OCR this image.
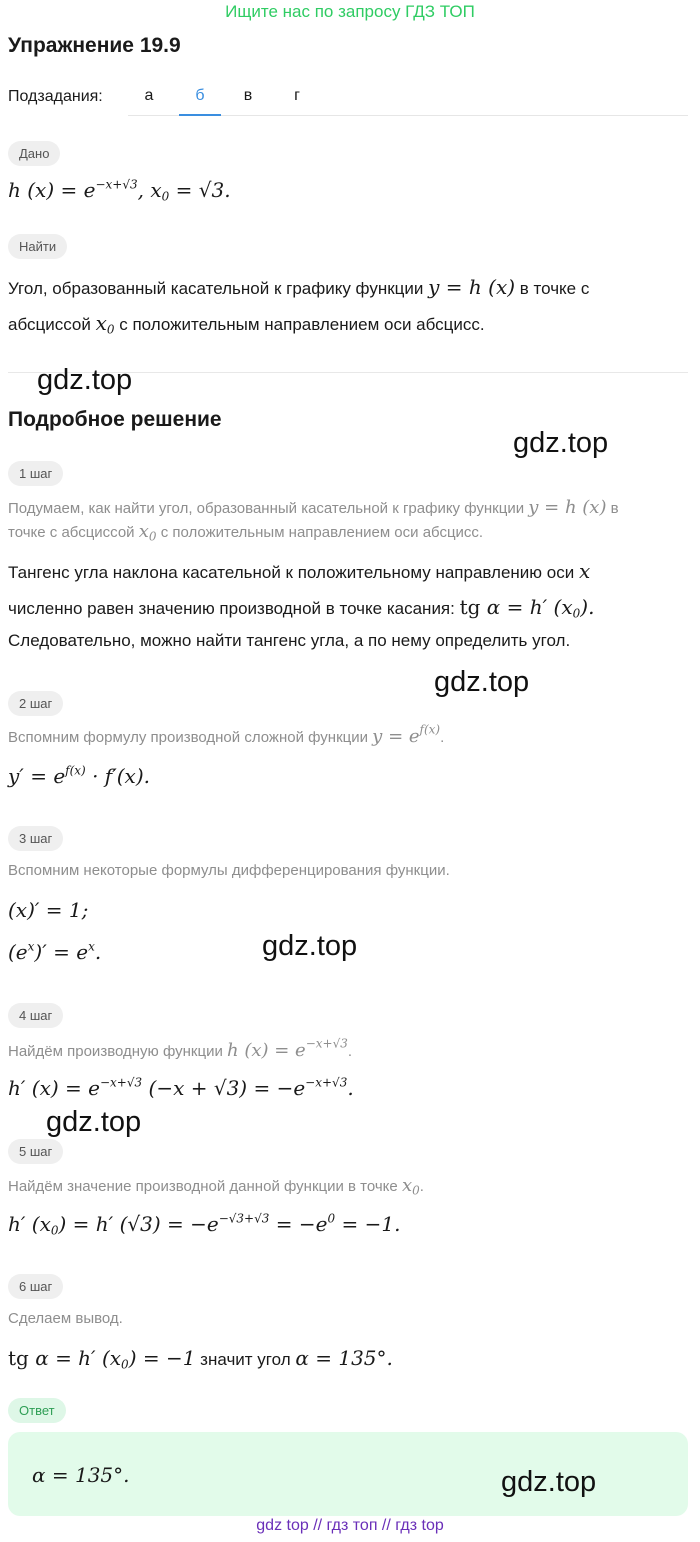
Ищите нас по запросу ГДЗ ТОП
Упражнение 19.9
Подзадания:	а	б	в	г
Дано
h $(x) = e^{-x+√3}$, $x_0 = √3$.
Найти
Угол, образованный касательной к графику функции y = h (x) в точке с
абсциссой $x_0$ с положительным направлением оси абсцисс.
gdz.top
Подробное решение
gdz.top
1 шаг
Подумаем, как найти угол, образованный касательной к графику функции y = h (x) в
точке с абсциссой $x_0$ с положительным направлением оси абсцисс.
Тангенс угла наклона касательной к положительному направлению оси x
численно равен значению производной в точке касания: tg α = h′ $(x_0)$.
Следовательно, можно найти тангенс угла, а по нему определить угол.
gdz.top
2 шаг
Вспомним формулу производной сложной функции $y = e^{f(x)}$.
$y' = e^{f(x)} \cdot f'(x)$.
3 шаг
Вспомним некоторые формулы дифференцирования функции.
(x)′ = 1;
$(e^x)' = e^x$.	gdz.top
4 шаг
Найдём производную функции h $(x) = e^{-x+√3}$.
h′ $(x) = e^{-x+√3}$ $(-x + √3) = -e^{-x+√3}$.
gdz.top
5 шаг
Найдём значение производной данной функции в точке $x_0$.
h′ $(x_0) = h'$ $(√3) = -e^{-√3+√3} = -e^0 = -1$.
6 шаг
Сделаем вывод.
tg α = h′ $(x_0) = -1$ значит угол α = 135°.
Ответ
α = 135°.	gdz.top
gdz top // гдз топ // гдз top
